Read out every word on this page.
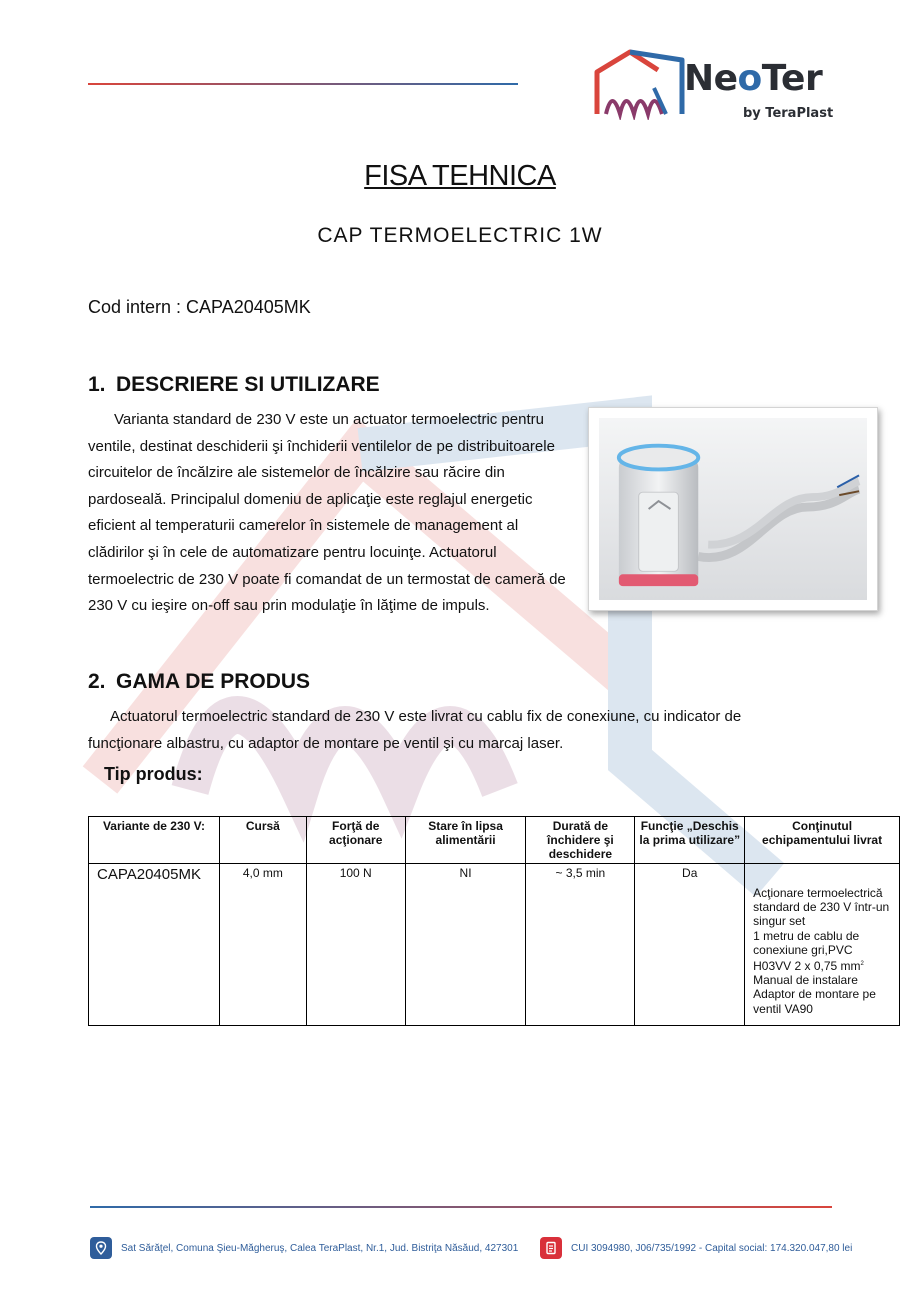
NeoTer
by TeraPlast
FISA TEHNICA
CAP TERMOELECTRIC 1W
Cod intern : CAPA20405MK
1. DESCRIERE SI UTILIZARE
Varianta standard de 230 V este un actuator termoelectric pentru ventile, destinat deschiderii şi închiderii ventilelor de pe distribuitoarele circuitelor de încălzire ale sistemelor de încălzire sau răcire din pardoseală. Principalul domeniu de aplicaţie este reglajul energetic eficient al temperaturii camerelor în sistemele de management al clădirilor şi în cele de automatizare pentru locuinţe. Actuatorul termoelectric de 230 V poate fi comandat de un termostat de cameră de 230 V cu ieşire on-off sau prin modulaţie în lăţime de impuls.
2. GAMA DE PRODUS
Actuatorul termoelectric standard de 230 V este livrat cu cablu fix de conexiune, cu indicator de funcţionare albastru, cu adaptor de montare pe ventil şi cu marcaj laser.
Tip produs:
Variante de 230 V:	Cursă	Forţă de acţionare	Stare în lipsa alimentării	Durată de închidere şi deschidere	Funcţie „Deschis la prima utilizare”	Conţinutul echipamentului livrat
CAPA20405MK	4,0 mm	100 N	NI	~ 3,5 min	Da	Acţionare termoelectrică standard de 230 V într-un singur set
1 metru de cablu de conexiune gri,PVC H03VV 2 x 0,75 $mm^2$
Manual de instalare
Adaptor de montare pe ventil VA90
Sat Sărăţel, Comuna Şieu-Măgheruş, Calea TeraPlast, Nr.1, Jud. Bistriţa Năsăud, 427301	CUI 3094980, J06/735/1992 - Capital social: 174.320.047,80 lei
